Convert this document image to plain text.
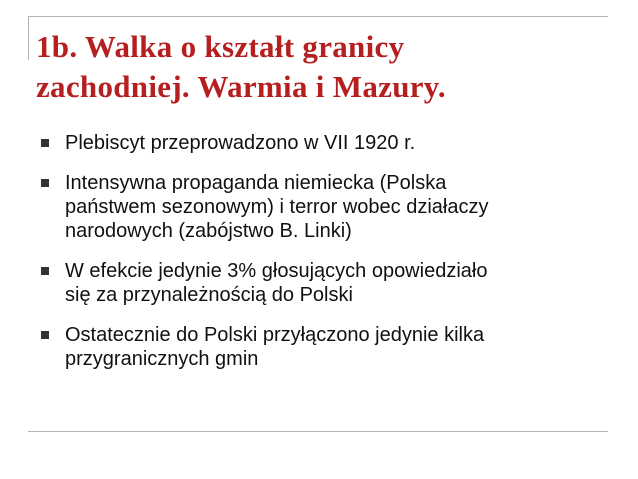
1b. Walka o kształt granicy
zachodniej. Warmia i Mazury.
Plebiscyt przeprowadzono w VII 1920 r.
Intensywna propaganda niemiecka (Polska
państwem sezonowym) i terror wobec działaczy
narodowych (zabójstwo B. Linki)
W efekcie jedynie 3% głosujących opowiedziało
się za przynależnością do Polski
Ostatecznie do Polski przyłączono jedynie kilka
przygranicznych gmin
